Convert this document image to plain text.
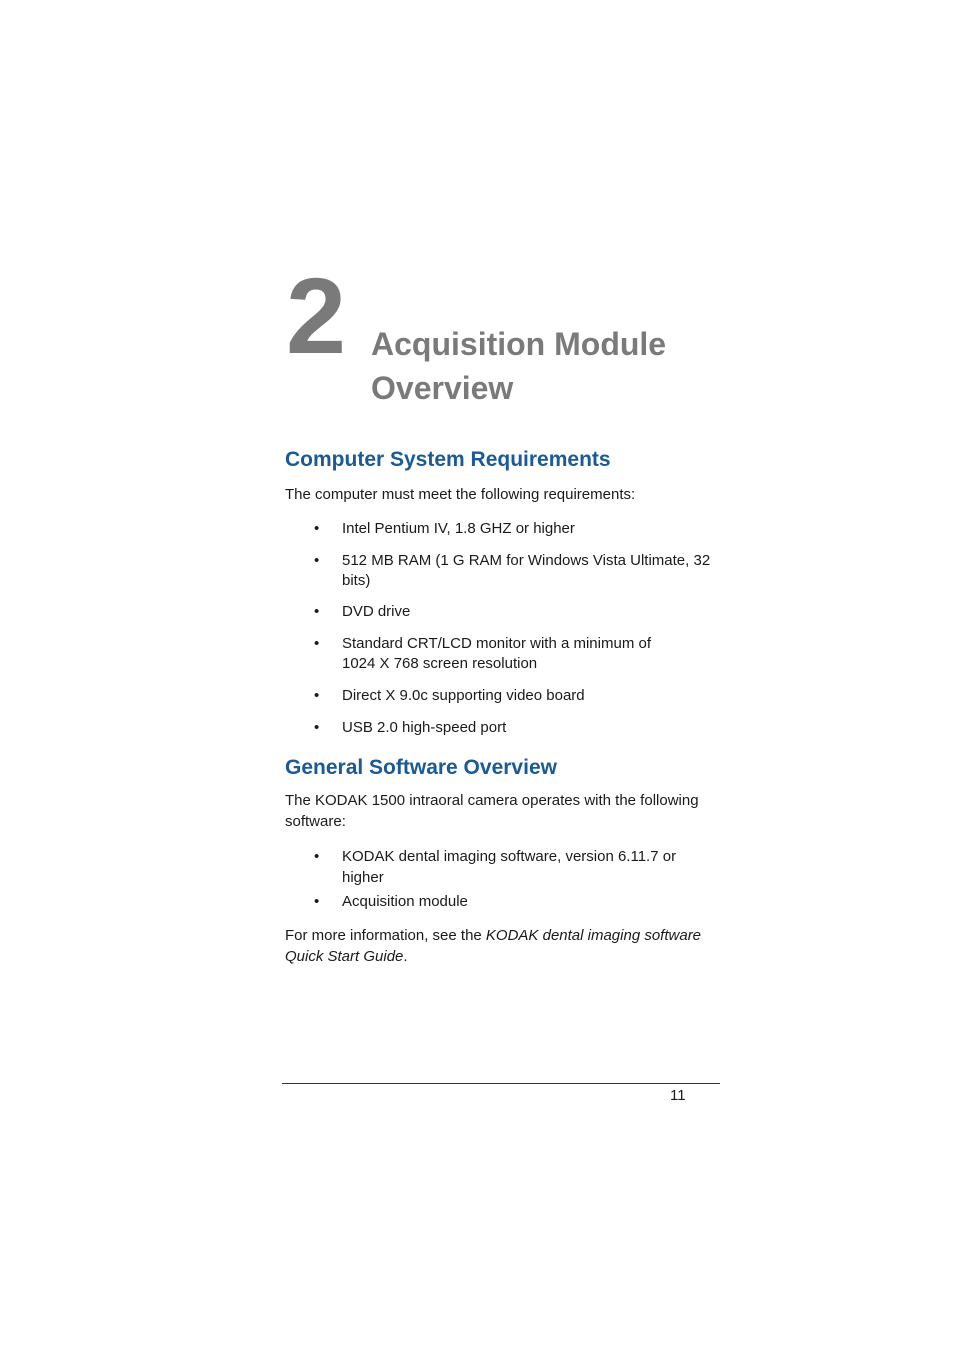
2 Acquisition Module
Overview
Computer System Requirements

The computer must meet the following requirements:

• Intel Pentium IV, 1.8 GHZ or higher
• 512 MB RAM (1 G RAM for Windows Vista Ultimate, 32 bits)
• DVD drive
• Standard CRT/LCD monitor with a minimum of 1024 X 768 screen resolution
• Direct X 9.0c supporting video board
• USB 2.0 high-speed port
General Software Overview

The KODAK 1500 intraoral camera operates with the following software:

• KODAK dental imaging software, version 6.11.7 or higher
• Acquisition module

For more information, see the KODAK dental imaging software Quick Start Guide.

11
